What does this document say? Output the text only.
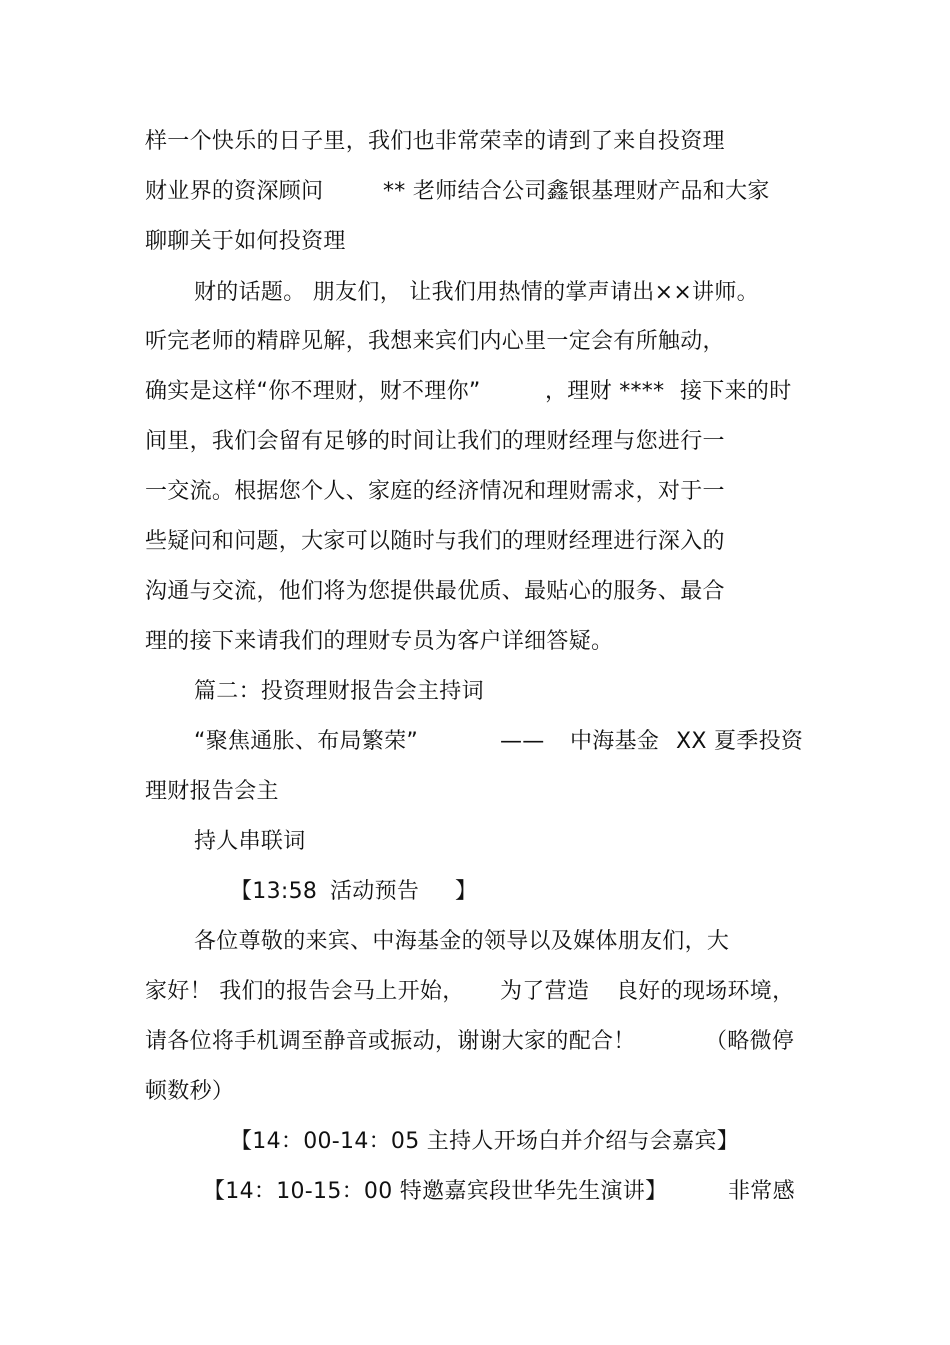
样一个快乐的日子里，我们也非常荣幸的请到了来自投资理
财业界的资深顾问	** 老师结合公司鑫银基理财产品和大家
聊聊关于如何投资理
财的话题。 朋友们， 让我们用热情的掌声请出××讲师。
听完老师的精辟见解，我想来宾们内心里一定会有所触动，
确实是这样“你不理财，财不理你”	，理财 **** 接下来的时
间里，我们会留有足够的时间让我们的理财经理与您进行一
一交流。根据您个人、家庭的经济情况和理财需求，对于一
些疑问和问题，大家可以随时与我们的理财经理进行深入的
沟通与交流，他们将为您提供最优质、最贴心的服务、最合
理的接下来请我们的理财专员为客户详细答疑。
篇二：投资理财报告会主持词
“聚焦通胀、布局繁荣”	—— 中海基金 XX 夏季投资
理财报告会主
持人串联词
【13:58 活动预告 】
各位尊敬的来宾、中海基金的领导以及媒体朋友们，大
家好！ 我们的报告会马上开始， 为了营造 良好的现场环境，
请各位将手机调至静音或振动，谢谢大家的配合！	（略微停
顿数秒）
【14：00-14：05 主持人开场白并介绍与会嘉宾】
【14：10-15：00 特邀嘉宾段世华先生演讲】	非常感
